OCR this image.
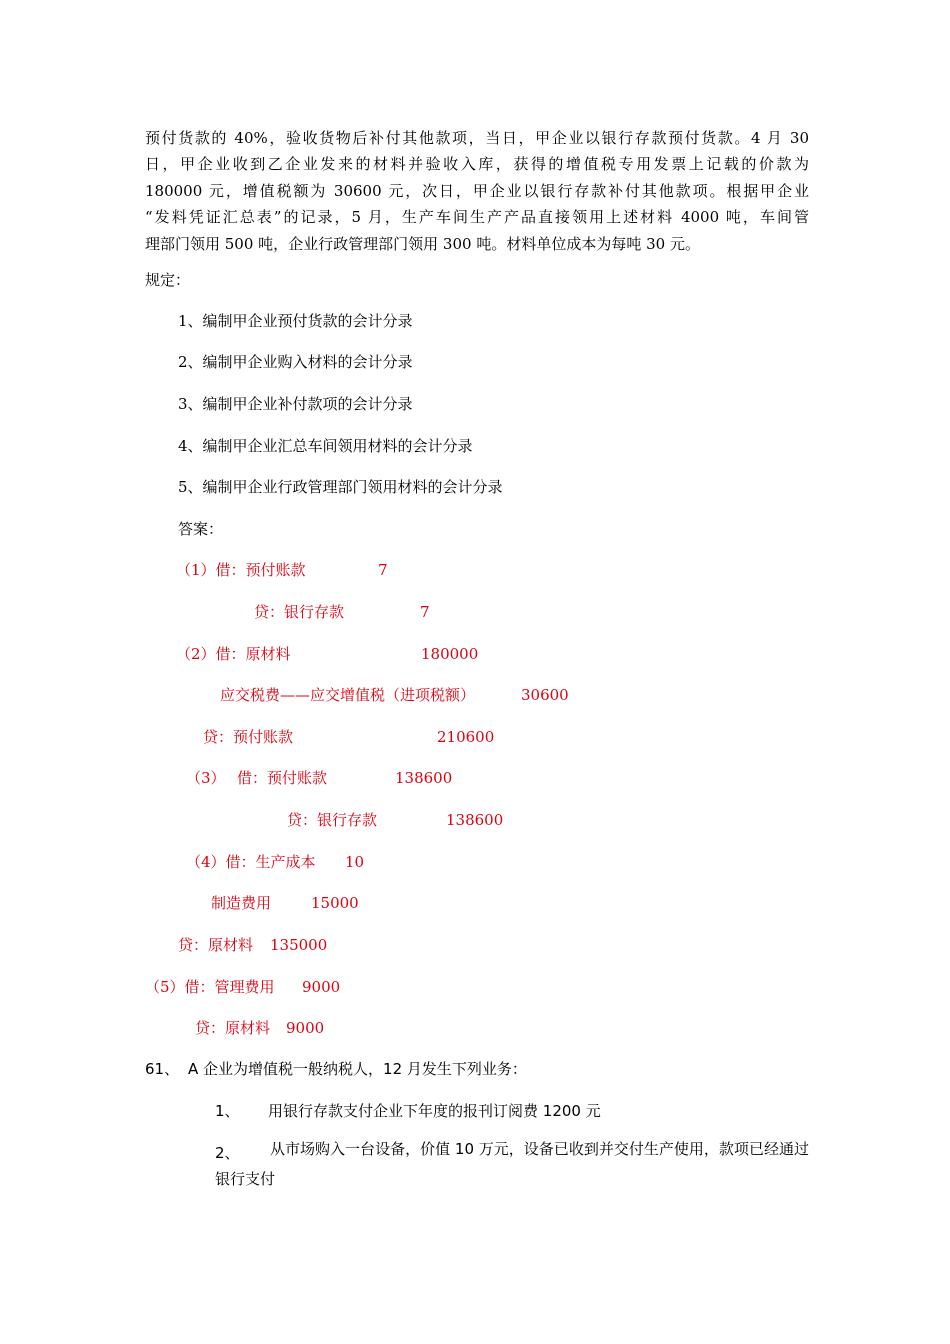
预付货款的 40%，验收货物后补付其他款项，当日，甲企业以银行存款预付货款。4 月 30
日，甲企业收到乙企业发来的材料并验收入库，获得的增值税专用发票上记载的价款为
180000 元，增值税额为 30600 元，次日，甲企业以银行存款补付其他款项。根据甲企业
“发料凭证汇总表”的记录，5 月，生产车间生产产品直接领用上述材料 4000 吨，车间管
理部门领用 500 吨，企业行政管理部门领用 300 吨。材料单位成本为每吨 30 元。
规定：
1、编制甲企业预付货款的会计分录
2、编制甲企业购入材料的会计分录
3、编制甲企业补付款项的会计分录
4、编制甲企业汇总车间领用材料的会计分录
5、编制甲企业行政管理部门领用材料的会计分录
答案：
（1）借：预付账款	7
贷：银行存款	7
（2）借：原材料	180000
应交税费——应交增值税（进项税额）	30600
贷：预付账款	210600
（3） 借：预付账款	138600
贷：银行存款	138600
（4）借：生产成本 10
制造费用	15000
贷：原材料 135000
（5）借：管理费用 9000
贷：原材料 9000
61、 A 企业为增值税一般纳税人，12 月发生下列业务：
1、 用银行存款支付企业下年度的报刊订阅费 1200 元
2、	从市场购入一台设备，价值 10 万元，设备已收到并交付生产使用，款项已经通过银行支付
